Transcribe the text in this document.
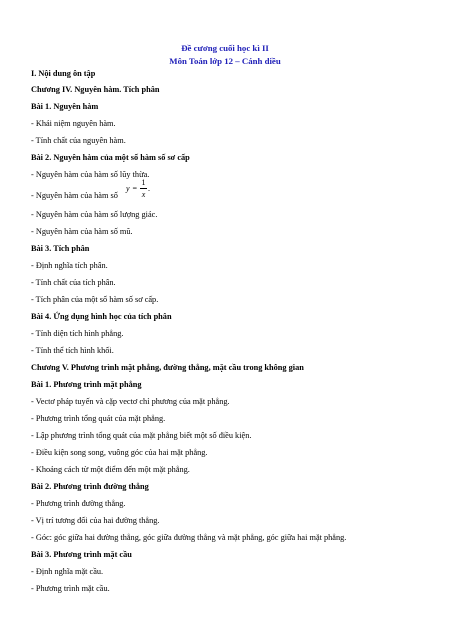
Đề cương cuối học kì II
Môn Toán lớp 12 – Cánh diều
I. Nội dung ôn tập
Chương IV. Nguyên hàm. Tích phân
Bài 1. Nguyên hàm
- Khái niệm nguyên hàm.
- Tính chất của nguyên hàm.
Bài 2. Nguyên hàm của một số hàm số sơ cấp
- Nguyên hàm của hàm số lũy thừa.
- Nguyên hàm của hàm số
y =
1
x
.
- Nguyên hàm của hàm số lượng giác.
- Nguyên hàm của hàm số mũ.
Bài 3. Tích phân
- Định nghĩa tích phân.
- Tính chất của tích phân.
- Tích phân của một số hàm số sơ cấp.
Bài 4. Ứng dụng hình học của tích phân
- Tính diện tích hình phẳng.
- Tính thể tích hình khối.
Chương V. Phương trình mặt phẳng, đường thẳng, mặt cầu trong không gian
Bài 1. Phương trình mặt phẳng
- Vectơ pháp tuyến và cặp vectơ chỉ phương của mặt phẳng.
- Phương trình tổng quát của mặt phẳng.
- Lập phương trình tổng quát của mặt phẳng biết một số điều kiện.
- Điều kiện song song, vuông góc của hai mặt phẳng.
- Khoảng cách từ một điểm đến một mặt phẳng.
Bài 2. Phương trình đường thẳng
- Phương trình đường thẳng.
- Vị trí tương đối của hai đường thẳng.
- Góc: góc giữa hai đường thẳng, góc giữa đường thẳng và mặt phẳng, góc giữa hai mặt phẳng.
Bài 3. Phương trình mặt cầu
- Định nghĩa mặt cầu.
- Phương trình mặt cầu.
